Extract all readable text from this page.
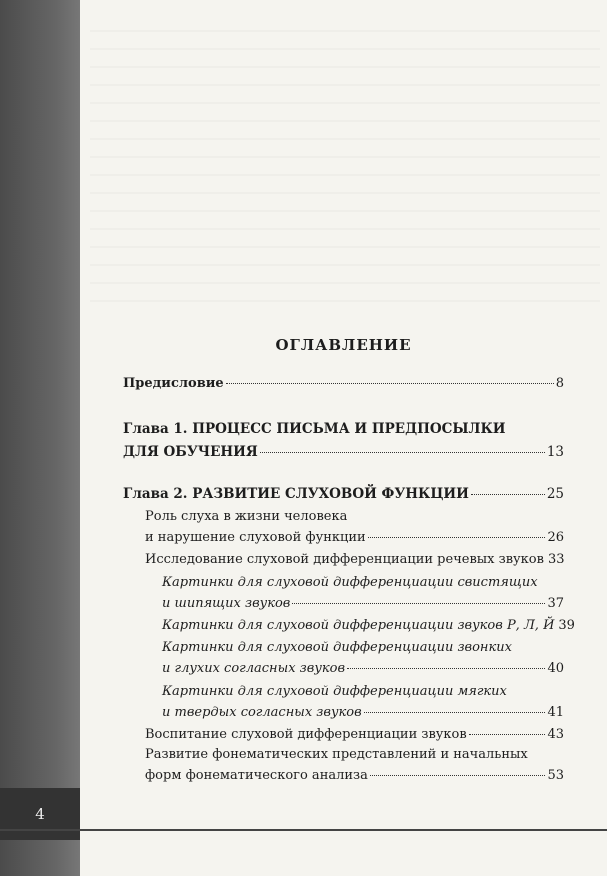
4
ОГЛАВЛЕНИЕ
Предисловие	8
Глава 1. ПРОЦЕСС ПИСЬМА И ПРЕДПОСЫЛКИ
ДЛЯ ОБУЧЕНИЯ	13
Глава 2. РАЗВИТИЕ СЛУХОВОЙ ФУНКЦИИ	25
Роль слуха в жизни человека
и нарушение слуховой функции	26
Исследование слуховой дифференциации речевых звуков 33
Картинки для слуховой дифференциации свистящих
и шипящих звуков	37
Картинки для слуховой дифференциации звуков Р, Л, Й 39
Картинки для слуховой дифференциации звонких
и глухих согласных звуков	40
Картинки для слуховой дифференциации мягких
и твердых согласных звуков	41
Воспитание слуховой дифференциации звуков	43
Развитие фонематических представлений и начальных
форм фонематического анализа	53
